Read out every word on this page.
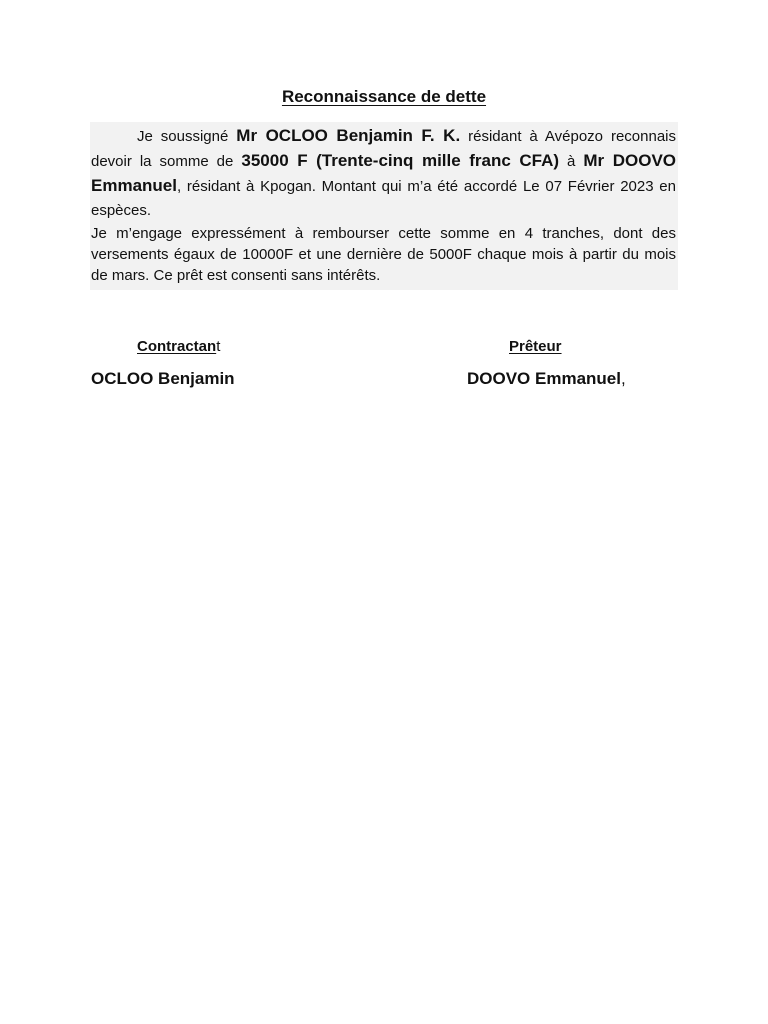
Reconnaissance de dette

Je soussigné Mr OCLOO Benjamin F. K. résidant à Avépozo reconnais devoir la somme de 35000 F (Trente-cinq mille franc CFA) à Mr DOOVO Emmanuel, résidant à Kpogan. Montant qui m’a été accordé Le 07 Février 2023 en espèces.

Je m’engage expressément à rembourser cette somme en 4 tranches, dont des versements égaux de 10000F et une dernière de 5000F chaque mois à partir du mois de mars. Ce prêt est consenti sans intérêts.

Contractant	Prêteur
OCLOO Benjamin	DOOVO Emmanuel,
